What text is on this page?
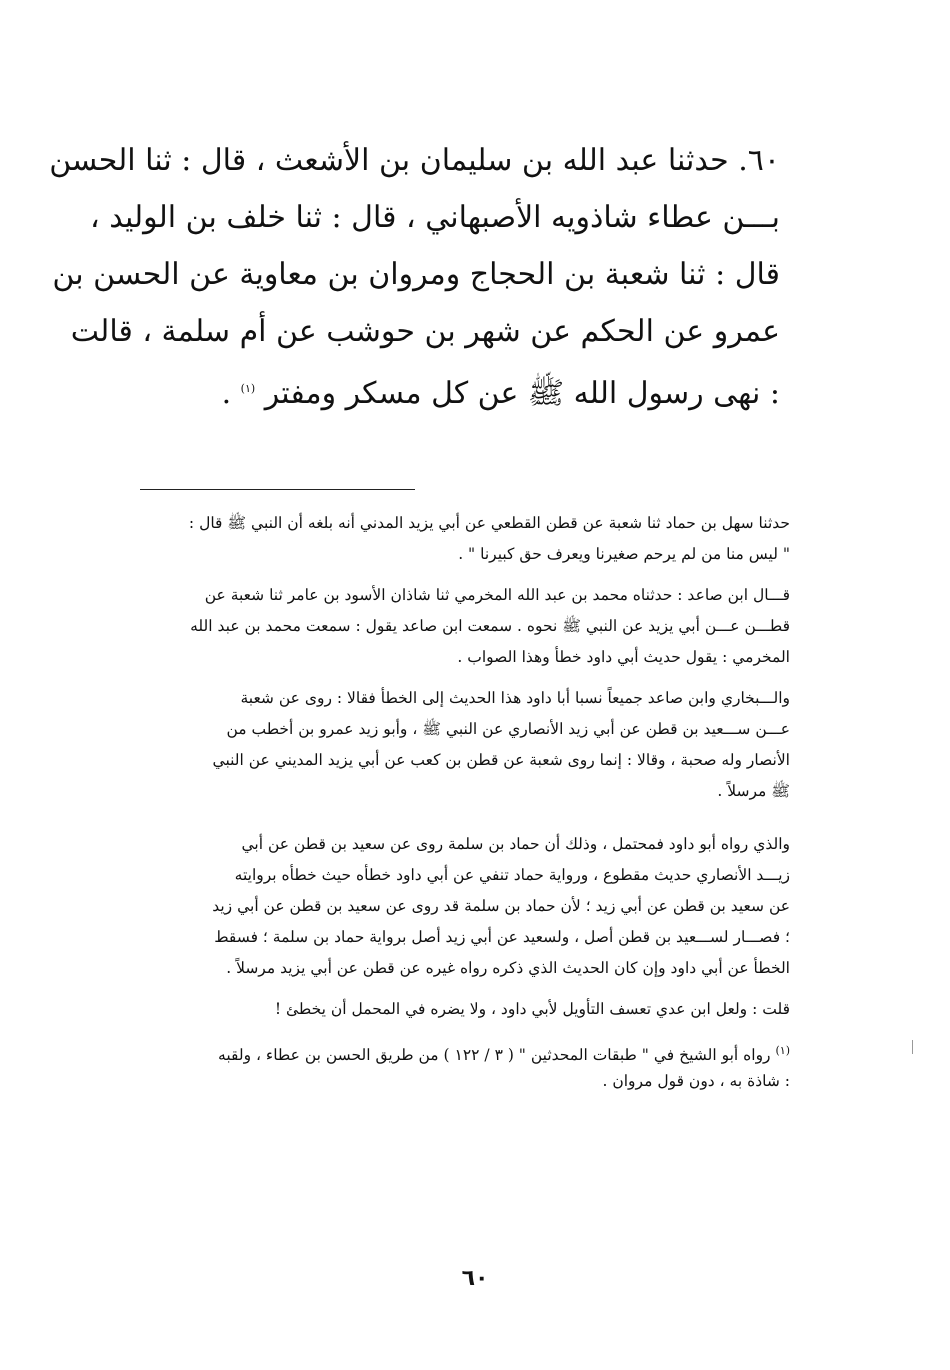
٦٠. حدثنا عبد الله بن سليمان بن الأشعث ، قال : ثنا الحسن
بـــن عطاء شاذويه الأصبهاني ، قال : ثنا خلف بن الوليد ،
قال : ثنا شعبة بن الحجاج ومروان بن معاوية عن الحسن بن
عمرو عن الحكم عن شهر بن حوشب عن أم سلمة ، قالت
: نهى رسول الله ﷺ عن كل مسكر ومفتر $^{(١)}$ .
حدثنا سهل بن حماد ثنا شعبة عن قطن القطعي عن أبي يزيد المدني أنه بلغه أن النبي ﷺ قال :
" ليس منا من لم يرحم صغيرنا ويعرف حق كبيرنا " .
قـــال ابن صاعد : حدثناه محمد بن عبد الله المخرمي ثنا شاذان الأسود بن عامر ثنا شعبة عن
قطـــن عـــن أبي يزيد عن النبي ﷺ نحوه . سمعت ابن صاعد يقول : سمعت محمد بن عبد الله
المخرمي : يقول حديث أبي داود خطأ وهذا الصواب .
والـــبخاري وابن صاعد جميعاً نسبا أبا داود هذا الحديث إلى الخطأ فقالا : روى عن شعبة
عـــن ســـعيد بن قطن عن أبي زيد الأنصاري عن النبي ﷺ ، وأبو زيد عمرو بن أخطب من
الأنصار وله صحبة ، وقالا : إنما روى شعبة عن قطن بن كعب عن أبي يزيد المديني عن النبي
ﷺ مرسلاً .
والذي رواه أبو داود فمحتمل ، وذلك أن حماد بن سلمة روى عن سعيد بن قطن عن أبي
زيـــد الأنصاري حديث مقطوع ، ورواية حماد تنفي عن أبي داود خطأه حيث خطأه بروايته
عن سعيد بن قطن عن أبي زيد ؛ لأن حماد بن سلمة قد روى عن سعيد بن قطن عن أبي زيد
؛ فصـــار لســـعيد بن قطن أصل ، ولسعيد عن أبي زيد أصل برواية حماد بن سلمة ؛ فسقط
الخطأ عن أبي داود وإن كان الحديث الذي ذكره رواه غيره عن قطن عن أبي يزيد مرسلاً .
قلت : ولعل ابن عدي تعسف التأويل لأبي داود ، ولا يضره في المحمل أن يخطئ !
$^{(١)}$ رواه أبو الشيخ في " طبقات المحدثين " ( ٣ / ١٢٢ ) من طريق الحسن بن عطاء ، ولقبه
: شاذة به ، دون قول مروان .
٦٠
